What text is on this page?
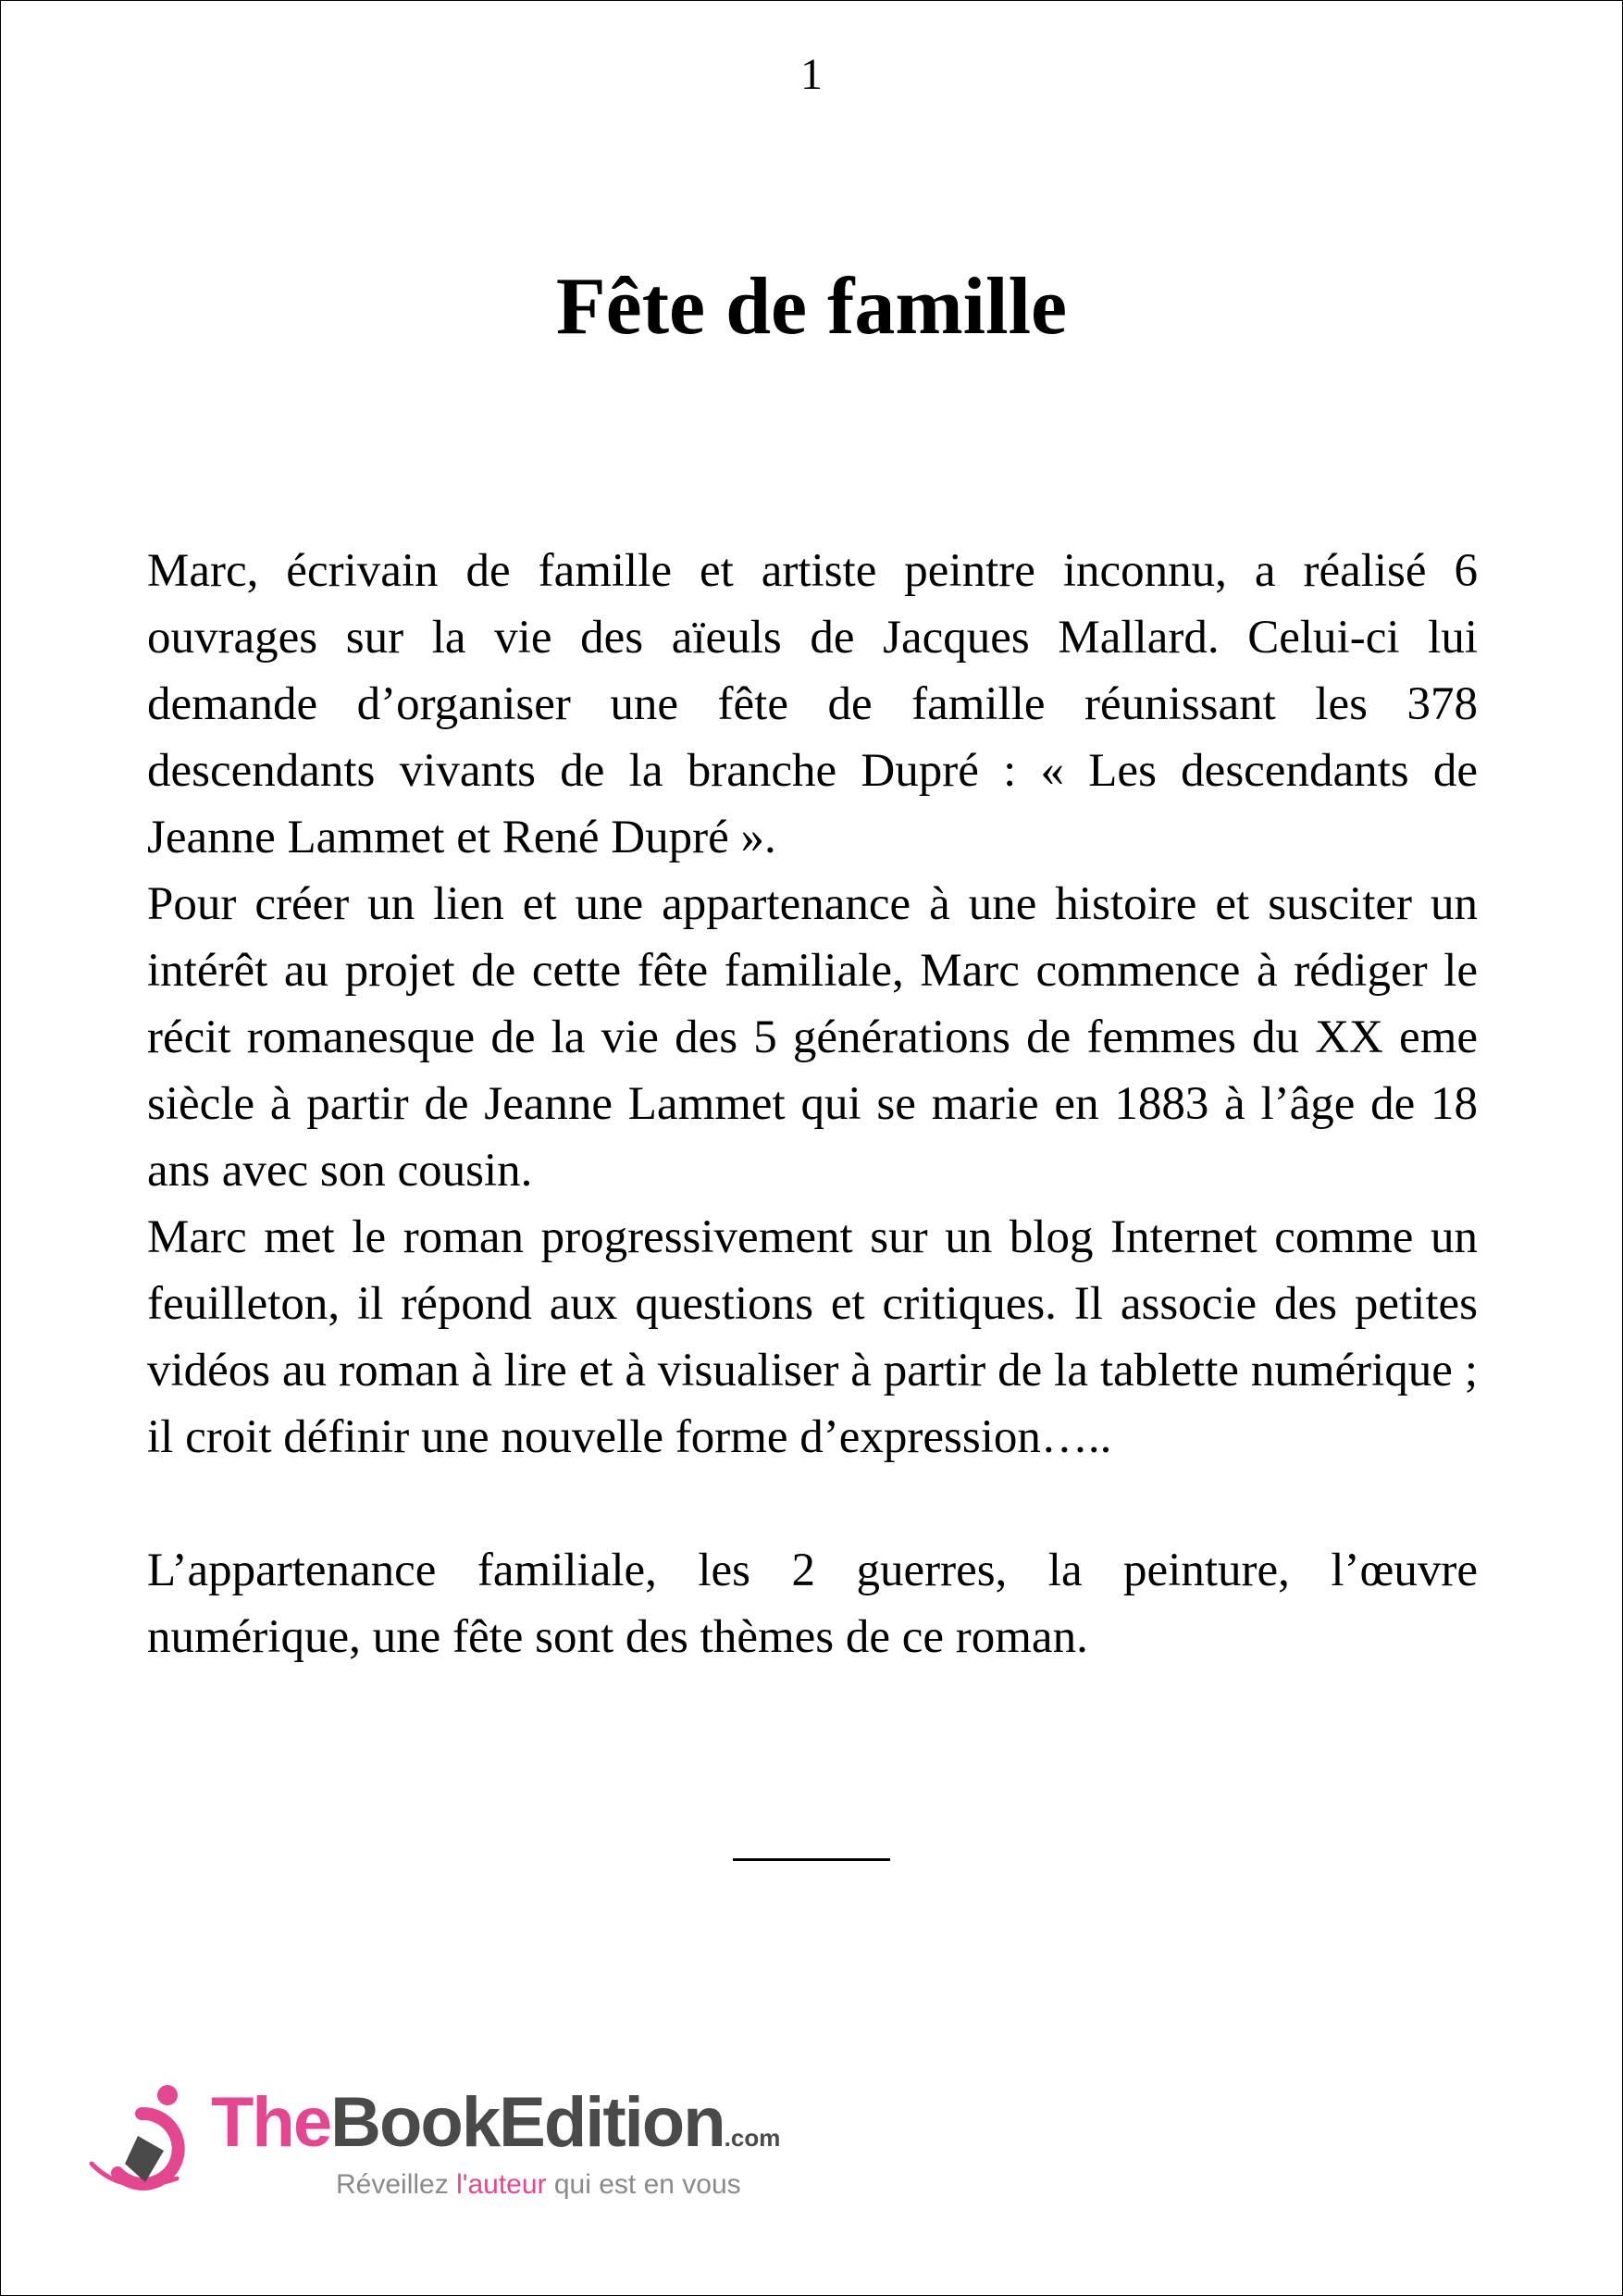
1
Fête de famille

Marc, écrivain de famille et artiste peintre inconnu, a réalisé 6 ouvrages sur la vie des aïeuls de Jacques Mallard. Celui-ci lui demande d’organiser une fête de famille réunissant les 378 descendants vivants de la branche Dupré : « Les descendants de Jeanne Lammet et René Dupré ».

Pour créer un lien et une appartenance à une histoire et susciter un intérêt au projet de cette fête familiale, Marc commence à rédiger le récit romanesque de la vie des 5 générations de femmes du XX eme siècle à partir de Jeanne Lammet qui se marie en 1883 à l’âge de 18 ans avec son cousin.

Marc met le roman progressivement sur un blog Internet comme un feuilleton, il répond aux questions et critiques. Il associe des petites vidéos au roman à lire et à visualiser à partir de la tablette numérique ; il croit définir une nouvelle forme d’expression…..

L’appartenance familiale, les 2 guerres, la peinture, l’œuvre numérique, une fête sont des thèmes de ce roman.

TheBookEdition.com
Réveillez l'auteur qui est en vous
